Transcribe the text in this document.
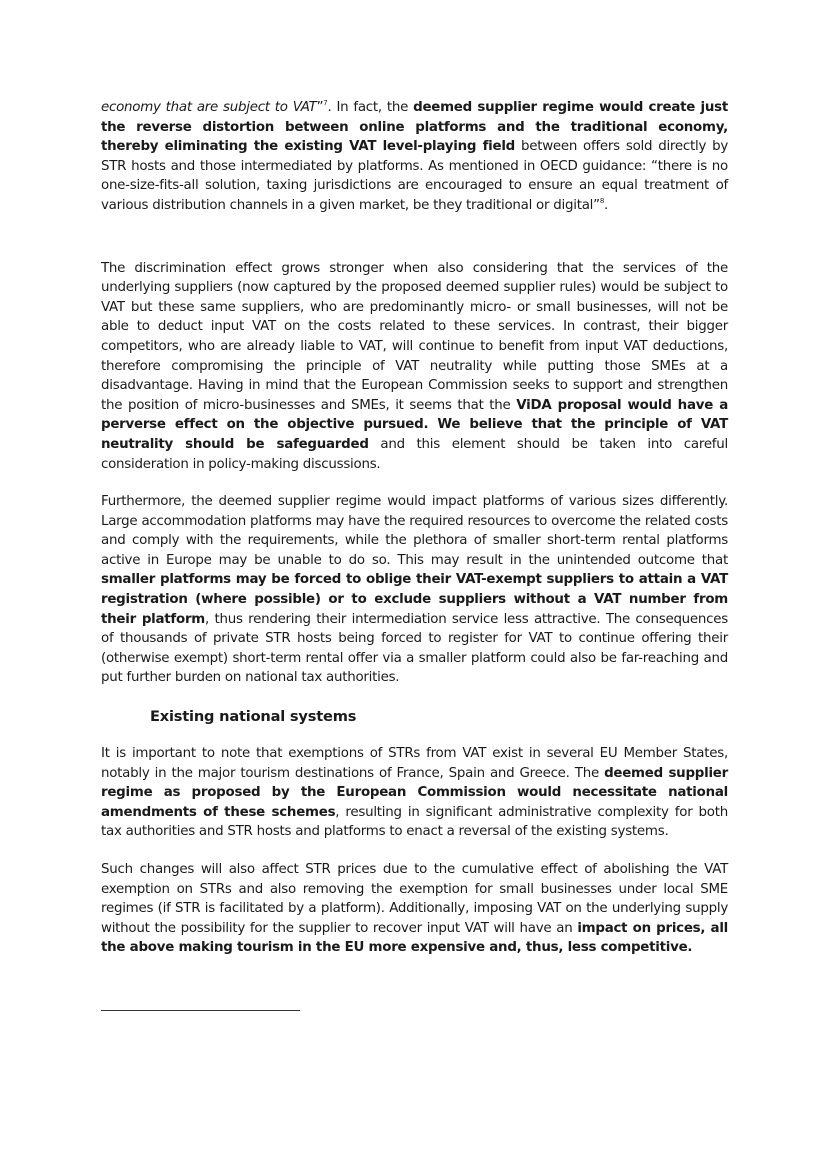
economy that are subject to VAT”$^7$. In fact, the deemed supplier regime would create just the reverse distortion between online platforms and the traditional economy, thereby eliminating the existing VAT level-playing field between offers sold directly by STR hosts and those intermediated by platforms. As mentioned in OECD guidance: “there is no one-size-fits-all solution, taxing jurisdictions are encouraged to ensure an equal treatment of various distribution channels in a given market, be they traditional or digital”$^8$.

The discrimination effect grows stronger when also considering that the services of the underlying suppliers (now captured by the proposed deemed supplier rules) would be subject to VAT but these same suppliers, who are predominantly micro- or small businesses, will not be able to deduct input VAT on the costs related to these services. In contrast, their bigger competitors, who are already liable to VAT, will continue to benefit from input VAT deductions, therefore compromising the principle of VAT neutrality while putting those SMEs at a disadvantage. Having in mind that the European Commission seeks to support and strengthen the position of micro-businesses and SMEs, it seems that the ViDA proposal would have a perverse effect on the objective pursued. We believe that the principle of VAT neutrality should be safeguarded and this element should be taken into careful consideration in policy-making discussions.

Furthermore, the deemed supplier regime would impact platforms of various sizes differently. Large accommodation platforms may have the required resources to overcome the related costs and comply with the requirements, while the plethora of smaller short-term rental platforms active in Europe may be unable to do so. This may result in the unintended outcome that smaller platforms may be forced to oblige their VAT-exempt suppliers to attain a VAT registration (where possible) or to exclude suppliers without a VAT number from their platform, thus rendering their intermediation service less attractive. The consequences of thousands of private STR hosts being forced to register for VAT to continue offering their (otherwise exempt) short-term rental offer via a smaller platform could also be far-reaching and put further burden on national tax authorities.

Existing national systems

It is important to note that exemptions of STRs from VAT exist in several EU Member States, notably in the major tourism destinations of France, Spain and Greece. The deemed supplier regime as proposed by the European Commission would necessitate national amendments of these schemes, resulting in significant administrative complexity for both tax authorities and STR hosts and platforms to enact a reversal of the existing systems.

Such changes will also affect STR prices due to the cumulative effect of abolishing the VAT exemption on STRs and also removing the exemption for small businesses under local SME regimes (if STR is facilitated by a platform). Additionally, imposing VAT on the underlying supply without the possibility for the supplier to recover input VAT will have an impact on prices, all the above making tourism in the EU more expensive and, thus, less competitive.
